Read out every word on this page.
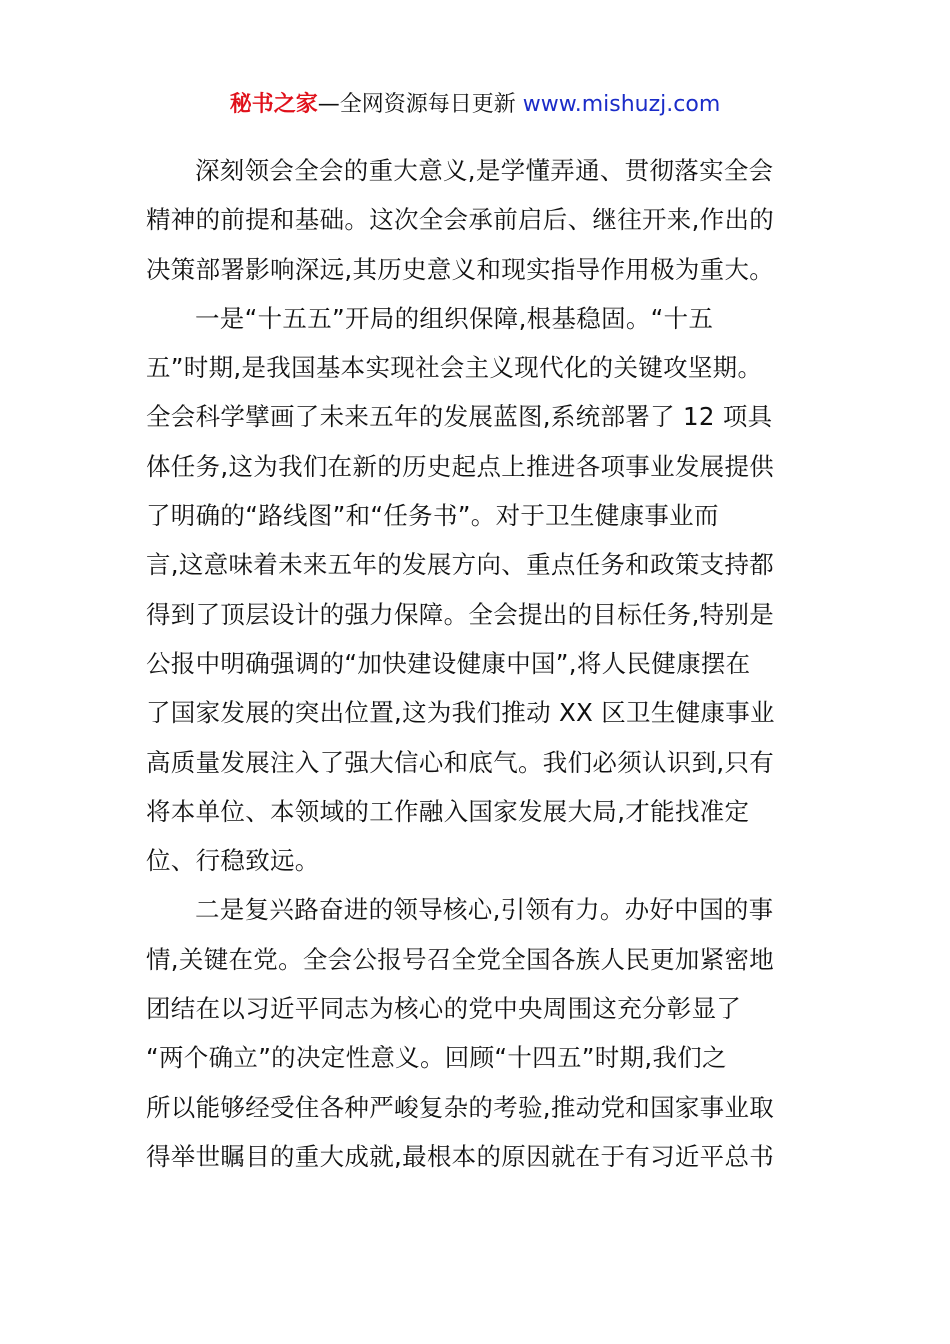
秘书之家—全网资源每日更新 www.mishuzj.com
深刻领会全会的重大意义,是学懂弄通、贯彻落实全会
精神的前提和基础。这次全会承前启后、继往开来,作出的
决策部署影响深远,其历史意义和现实指导作用极为重大。
一是“十五五”开局的组织保障,根基稳固。“十五
五”时期,是我国基本实现社会主义现代化的关键攻坚期。
全会科学擘画了未来五年的发展蓝图,系统部署了 12 项具
体任务,这为我们在新的历史起点上推进各项事业发展提供
了明确的“路线图”和“任务书”。对于卫生健康事业而
言,这意味着未来五年的发展方向、重点任务和政策支持都
得到了顶层设计的强力保障。全会提出的目标任务,特别是
公报中明确强调的“加快建设健康中国”,将人民健康摆在
了国家发展的突出位置,这为我们推动 XX 区卫生健康事业
高质量发展注入了强大信心和底气。我们必须认识到,只有
将本单位、本领域的工作融入国家发展大局,才能找准定
位、行稳致远。
二是复兴路奋进的领导核心,引领有力。办好中国的事
情,关键在党。全会公报号召全党全国各族人民更加紧密地
团结在以习近平同志为核心的党中央周围这充分彰显了
“两个确立”的决定性意义。回顾“十四五”时期,我们之
所以能够经受住各种严峻复杂的考验,推动党和国家事业取
得举世瞩目的重大成就,最根本的原因就在于有习近平总书
